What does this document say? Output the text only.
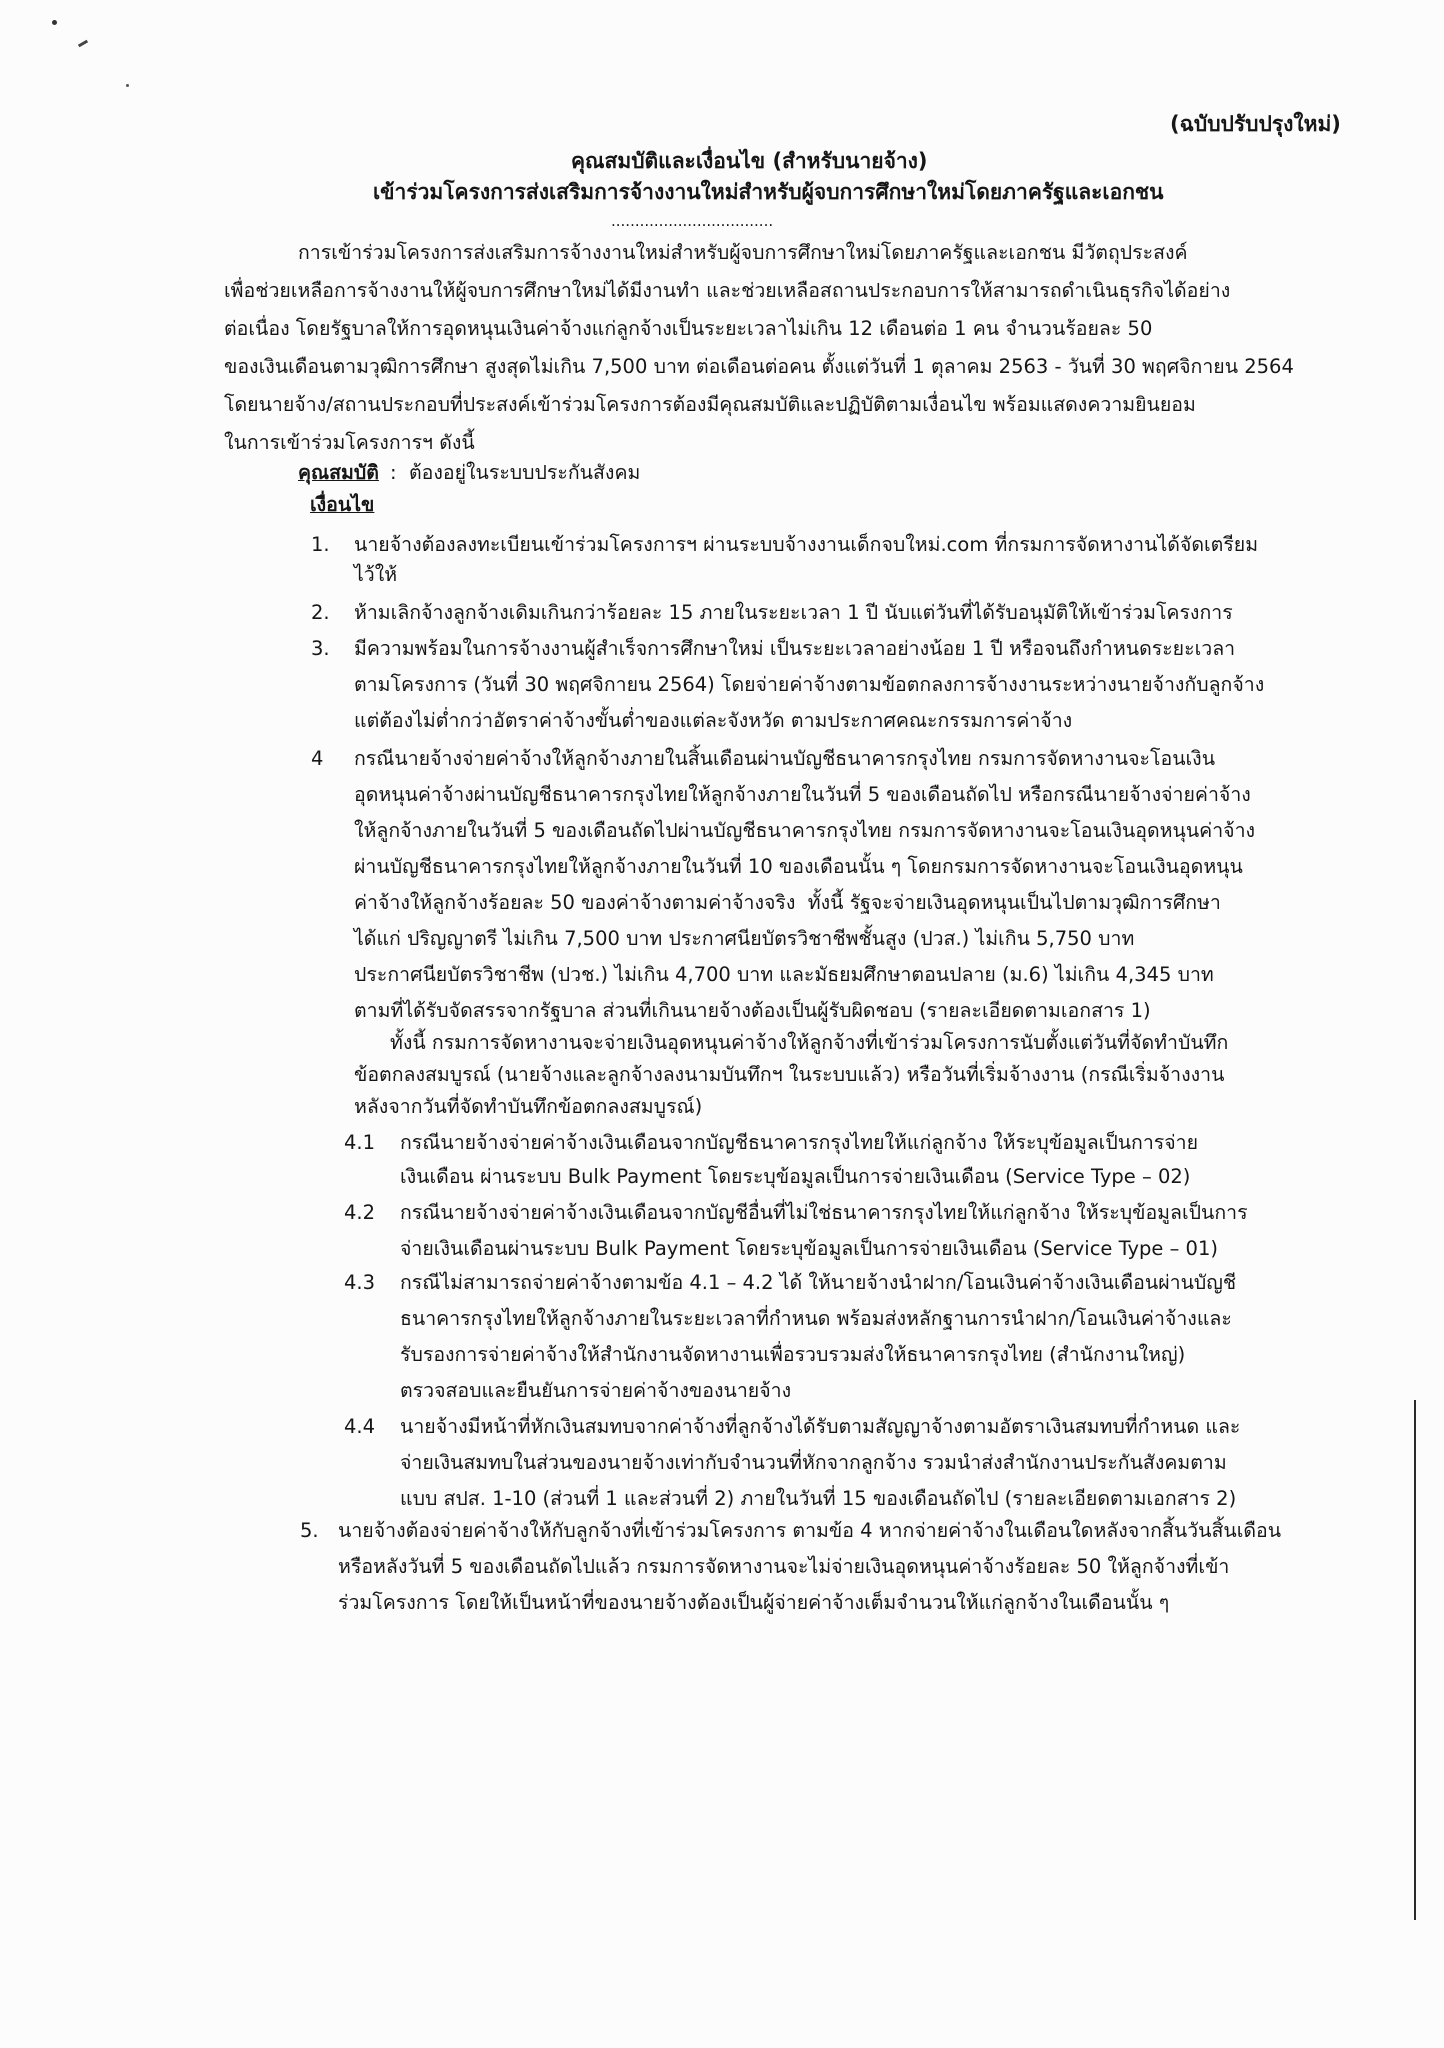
(ฉบับปรับปรุงใหม่)
คุณสมบัติและเงื่อนไข (สำหรับนายจ้าง)
เข้าร่วมโครงการส่งเสริมการจ้างงานใหม่สำหรับผู้จบการศึกษาใหม่โดยภาครัฐและเอกชน
..................................
การเข้าร่วมโครงการส่งเสริมการจ้างงานใหม่สำหรับผู้จบการศึกษาใหม่โดยภาครัฐและเอกชน มีวัตถุประสงค์
เพื่อช่วยเหลือการจ้างงานให้ผู้จบการศึกษาใหม่ได้มีงานทำ และช่วยเหลือสถานประกอบการให้สามารถดำเนินธุรกิจได้อย่าง
ต่อเนื่อง โดยรัฐบาลให้การอุดหนุนเงินค่าจ้างแก่ลูกจ้างเป็นระยะเวลาไม่เกิน 12 เดือนต่อ 1 คน จำนวนร้อยละ 50
ของเงินเดือนตามวุฒิการศึกษา สูงสุดไม่เกิน 7,500 บาท ต่อเดือนต่อคน ตั้งแต่วันที่ 1 ตุลาคม 2563 - วันที่ 30 พฤศจิกายน 2564
โดยนายจ้าง/สถานประกอบที่ประสงค์เข้าร่วมโครงการต้องมีคุณสมบัติและปฏิบัติตามเงื่อนไข พร้อมแสดงความยินยอม
ในการเข้าร่วมโครงการฯ ดังนี้
คุณสมบัติ :  ต้องอยู่ในระบบประกันสังคม
เงื่อนไข
1. นายจ้างต้องลงทะเบียนเข้าร่วมโครงการฯ ผ่านระบบจ้างงานเด็กจบใหม่.com ที่กรมการจัดหางานได้จัดเตรียม
ไว้ให้
2. ห้ามเลิกจ้างลูกจ้างเดิมเกินกว่าร้อยละ 15 ภายในระยะเวลา 1 ปี นับแต่วันที่ได้รับอนุมัติให้เข้าร่วมโครงการ
3. มีความพร้อมในการจ้างงานผู้สำเร็จการศึกษาใหม่ เป็นระยะเวลาอย่างน้อย 1 ปี หรือจนถึงกำหนดระยะเวลา
ตามโครงการ (วันที่ 30 พฤศจิกายน 2564) โดยจ่ายค่าจ้างตามข้อตกลงการจ้างงานระหว่างนายจ้างกับลูกจ้าง
แต่ต้องไม่ต่ำกว่าอัตราค่าจ้างขั้นต่ำของแต่ละจังหวัด ตามประกาศคณะกรรมการค่าจ้าง
4 กรณีนายจ้างจ่ายค่าจ้างให้ลูกจ้างภายในสิ้นเดือนผ่านบัญชีธนาคารกรุงไทย กรมการจัดหางานจะโอนเงิน
อุดหนุนค่าจ้างผ่านบัญชีธนาคารกรุงไทยให้ลูกจ้างภายในวันที่ 5 ของเดือนถัดไป หรือกรณีนายจ้างจ่ายค่าจ้าง
ให้ลูกจ้างภายในวันที่ 5 ของเดือนถัดไปผ่านบัญชีธนาคารกรุงไทย กรมการจัดหางานจะโอนเงินอุดหนุนค่าจ้าง
ผ่านบัญชีธนาคารกรุงไทยให้ลูกจ้างภายในวันที่ 10 ของเดือนนั้น ๆ โดยกรมการจัดหางานจะโอนเงินอุดหนุน
ค่าจ้างให้ลูกจ้างร้อยละ 50 ของค่าจ้างตามค่าจ้างจริง  ทั้งนี้ รัฐจะจ่ายเงินอุดหนุนเป็นไปตามวุฒิการศึกษา
ได้แก่ ปริญญาตรี ไม่เกิน 7,500 บาท ประกาศนียบัตรวิชาชีพชั้นสูง (ปวส.) ไม่เกิน 5,750 บาท
ประกาศนียบัตรวิชาชีพ (ปวช.) ไม่เกิน 4,700 บาท และมัธยมศึกษาตอนปลาย (ม.6) ไม่เกิน 4,345 บาท
ตามที่ได้รับจัดสรรจากรัฐบาล ส่วนที่เกินนายจ้างต้องเป็นผู้รับผิดชอบ (รายละเอียดตามเอกสาร 1)
ทั้งนี้ กรมการจัดหางานจะจ่ายเงินอุดหนุนค่าจ้างให้ลูกจ้างที่เข้าร่วมโครงการนับตั้งแต่วันที่จัดทำบันทึก
ข้อตกลงสมบูรณ์ (นายจ้างและลูกจ้างลงนามบันทึกฯ ในระบบแล้ว) หรือวันที่เริ่มจ้างงาน (กรณีเริ่มจ้างงาน
หลังจากวันที่จัดทำบันทึกข้อตกลงสมบูรณ์)
4.1 กรณีนายจ้างจ่ายค่าจ้างเงินเดือนจากบัญชีธนาคารกรุงไทยให้แก่ลูกจ้าง ให้ระบุข้อมูลเป็นการจ่าย
เงินเดือน ผ่านระบบ Bulk Payment โดยระบุข้อมูลเป็นการจ่ายเงินเดือน (Service Type – 02)
4.2 กรณีนายจ้างจ่ายค่าจ้างเงินเดือนจากบัญชีอื่นที่ไม่ใช่ธนาคารกรุงไทยให้แก่ลูกจ้าง ให้ระบุข้อมูลเป็นการ
จ่ายเงินเดือนผ่านระบบ Bulk Payment โดยระบุข้อมูลเป็นการจ่ายเงินเดือน (Service Type – 01)
4.3 กรณีไม่สามารถจ่ายค่าจ้างตามข้อ 4.1 – 4.2 ได้ ให้นายจ้างนำฝาก/โอนเงินค่าจ้างเงินเดือนผ่านบัญชี
ธนาคารกรุงไทยให้ลูกจ้างภายในระยะเวลาที่กำหนด พร้อมส่งหลักฐานการนำฝาก/โอนเงินค่าจ้างและ
รับรองการจ่ายค่าจ้างให้สำนักงานจัดหางานเพื่อรวบรวมส่งให้ธนาคารกรุงไทย (สำนักงานใหญ่)
ตรวจสอบและยืนยันการจ่ายค่าจ้างของนายจ้าง
4.4 นายจ้างมีหน้าที่หักเงินสมทบจากค่าจ้างที่ลูกจ้างได้รับตามสัญญาจ้างตามอัตราเงินสมทบที่กำหนด และ
จ่ายเงินสมทบในส่วนของนายจ้างเท่ากับจำนวนที่หักจากลูกจ้าง รวมนำส่งสำนักงานประกันสังคมตาม
แบบ สปส. 1-10 (ส่วนที่ 1 และส่วนที่ 2) ภายในวันที่ 15 ของเดือนถัดไป (รายละเอียดตามเอกสาร 2)
5. นายจ้างต้องจ่ายค่าจ้างให้กับลูกจ้างที่เข้าร่วมโครงการ ตามข้อ 4 หากจ่ายค่าจ้างในเดือนใดหลังจากสิ้นวันสิ้นเดือน
หรือหลังวันที่ 5 ของเดือนถัดไปแล้ว กรมการจัดหางานจะไม่จ่ายเงินอุดหนุนค่าจ้างร้อยละ 50 ให้ลูกจ้างที่เข้า
ร่วมโครงการ โดยให้เป็นหน้าที่ของนายจ้างต้องเป็นผู้จ่ายค่าจ้างเต็มจำนวนให้แก่ลูกจ้างในเดือนนั้น ๆ
